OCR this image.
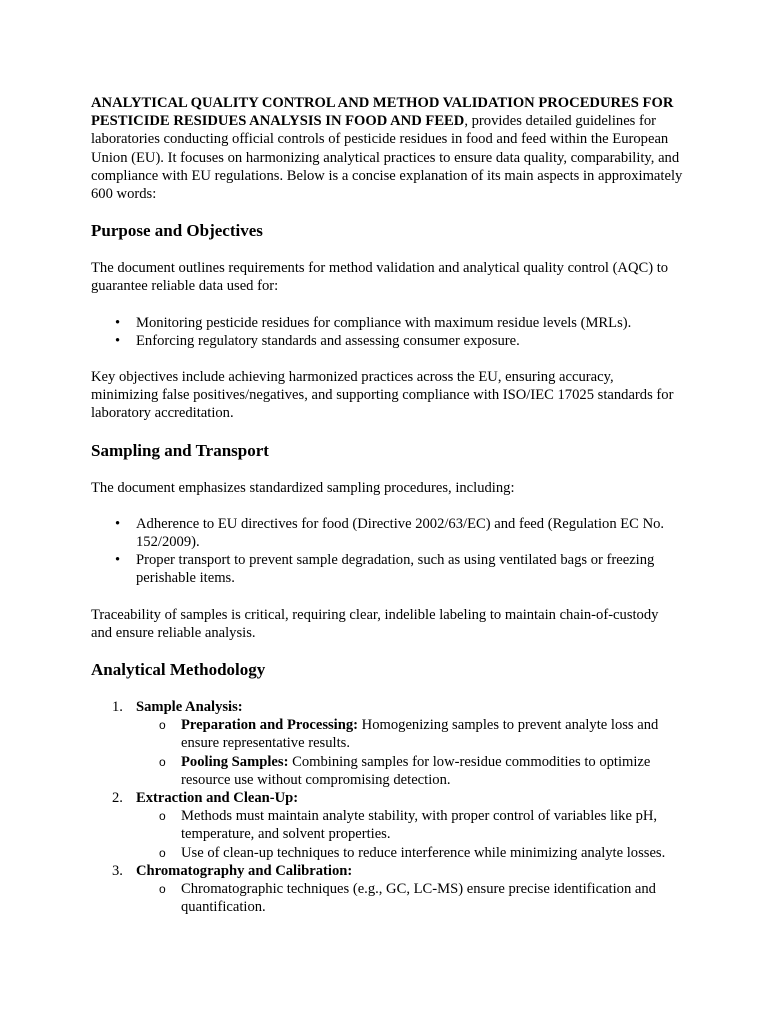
ANALYTICAL QUALITY CONTROL AND METHOD VALIDATION PROCEDURES FOR PESTICIDE RESIDUES ANALYSIS IN FOOD AND FEED, provides detailed guidelines for laboratories conducting official controls of pesticide residues in food and feed within the European Union (EU). It focuses on harmonizing analytical practices to ensure data quality, comparability, and compliance with EU regulations. Below is a concise explanation of its main aspects in approximately 600 words:

Purpose and Objectives

The document outlines requirements for method validation and analytical quality control (AQC) to guarantee reliable data used for:

• Monitoring pesticide residues for compliance with maximum residue levels (MRLs).
• Enforcing regulatory standards and assessing consumer exposure.

Key objectives include achieving harmonized practices across the EU, ensuring accuracy, minimizing false positives/negatives, and supporting compliance with ISO/IEC 17025 standards for laboratory accreditation.

Sampling and Transport

The document emphasizes standardized sampling procedures, including:

• Adherence to EU directives for food (Directive 2002/63/EC) and feed (Regulation EC No. 152/2009).
• Proper transport to prevent sample degradation, such as using ventilated bags or freezing perishable items.

Traceability of samples is critical, requiring clear, indelible labeling to maintain chain-of-custody and ensure reliable analysis.

Analytical Methodology
1. Sample Analysis:
o Preparation and Processing: Homogenizing samples to prevent analyte loss and ensure representative results.
o Pooling Samples: Combining samples for low-residue commodities to optimize resource use without compromising detection.
2. Extraction and Clean-Up:
o Methods must maintain analyte stability, with proper control of variables like pH, temperature, and solvent properties.
o Use of clean-up techniques to reduce interference while minimizing analyte losses.
3. Chromatography and Calibration:
o Chromatographic techniques (e.g., GC, LC-MS) ensure precise identification and quantification.
